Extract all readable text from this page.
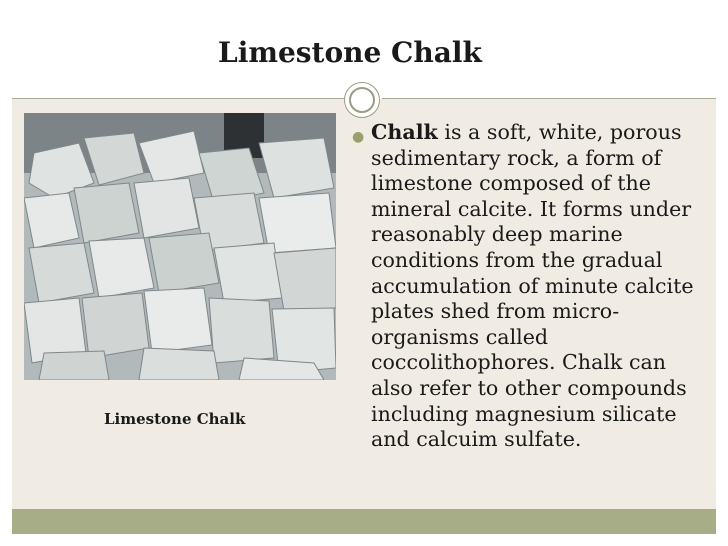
Limestone Chalk
Limestone Chalk
● Chalk is a soft, white, porous sedimentary rock, a form of limestone composed of the mineral calcite. It forms under reasonably deep marine conditions from the gradual accumulation of minute calcite plates shed from micro-organisms called coccolithophores. Chalk can also refer to other compounds including magnesium silicate and calcuim sulfate.
